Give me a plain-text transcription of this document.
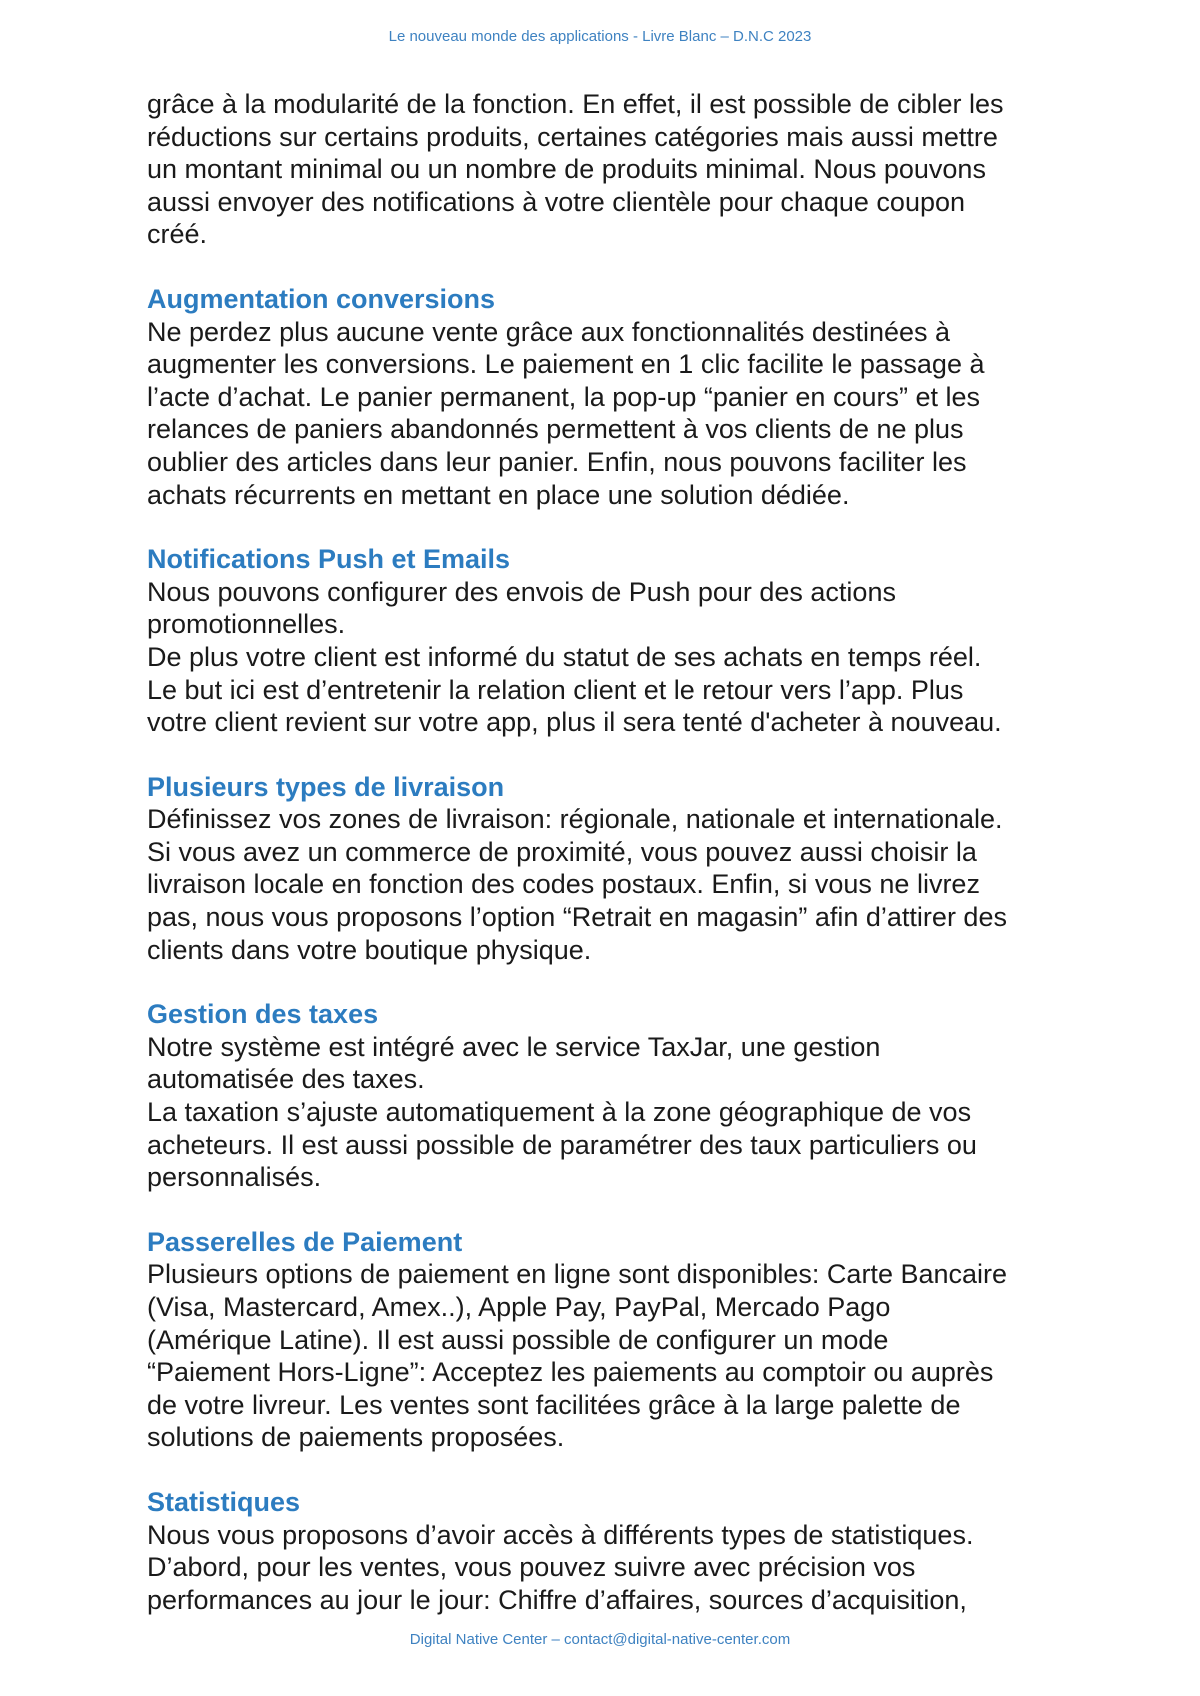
Le nouveau monde des applications - Livre Blanc – D.N.C 2023

grâce à la modularité de la fonction. En effet, il est possible de cibler les
réductions sur certains produits, certaines catégories mais aussi mettre
un montant minimal ou un nombre de produits minimal. Nous pouvons
aussi envoyer des notifications à votre clientèle pour chaque coupon
créé.

Augmentation conversions

Ne perdez plus aucune vente grâce aux fonctionnalités destinées à
augmenter les conversions. Le paiement en 1 clic facilite le passage à
l’acte d’achat. Le panier permanent, la pop-up “panier en cours” et les
relances de paniers abandonnés permettent à vos clients de ne plus
oublier des articles dans leur panier. Enfin, nous pouvons faciliter les
achats récurrents en mettant en place une solution dédiée.

Notifications Push et Emails

Nous pouvons configurer des envois de Push pour des actions
promotionnelles.
De plus votre client est informé du statut de ses achats en temps réel.
Le but ici est d’entretenir la relation client et le retour vers l’app. Plus
votre client revient sur votre app, plus il sera tenté d'acheter à nouveau.

Plusieurs types de livraison

Définissez vos zones de livraison: régionale, nationale et internationale.
Si vous avez un commerce de proximité, vous pouvez aussi choisir la
livraison locale en fonction des codes postaux. Enfin, si vous ne livrez
pas, nous vous proposons l’option “Retrait en magasin” afin d’attirer des
clients dans votre boutique physique.

Gestion des taxes

Notre système est intégré avec le service TaxJar, une gestion
automatisée des taxes.
La taxation s’ajuste automatiquement à la zone géographique de vos
acheteurs. Il est aussi possible de paramétrer des taux particuliers ou
personnalisés.

Passerelles de Paiement

Plusieurs options de paiement en ligne sont disponibles: Carte Bancaire
(Visa, Mastercard, Amex..), Apple Pay, PayPal, Mercado Pago
(Amérique Latine). Il est aussi possible de configurer un mode
“Paiement Hors-Ligne”: Acceptez les paiements au comptoir ou auprès
de votre livreur. Les ventes sont facilitées grâce à la large palette de
solutions de paiements proposées.

Statistiques

Nous vous proposons d’avoir accès à différents types de statistiques.
D’abord, pour les ventes, vous pouvez suivre avec précision vos
performances au jour le jour: Chiffre d’affaires, sources d’acquisition,

Digital Native Center – contact@digital-native-center.com
